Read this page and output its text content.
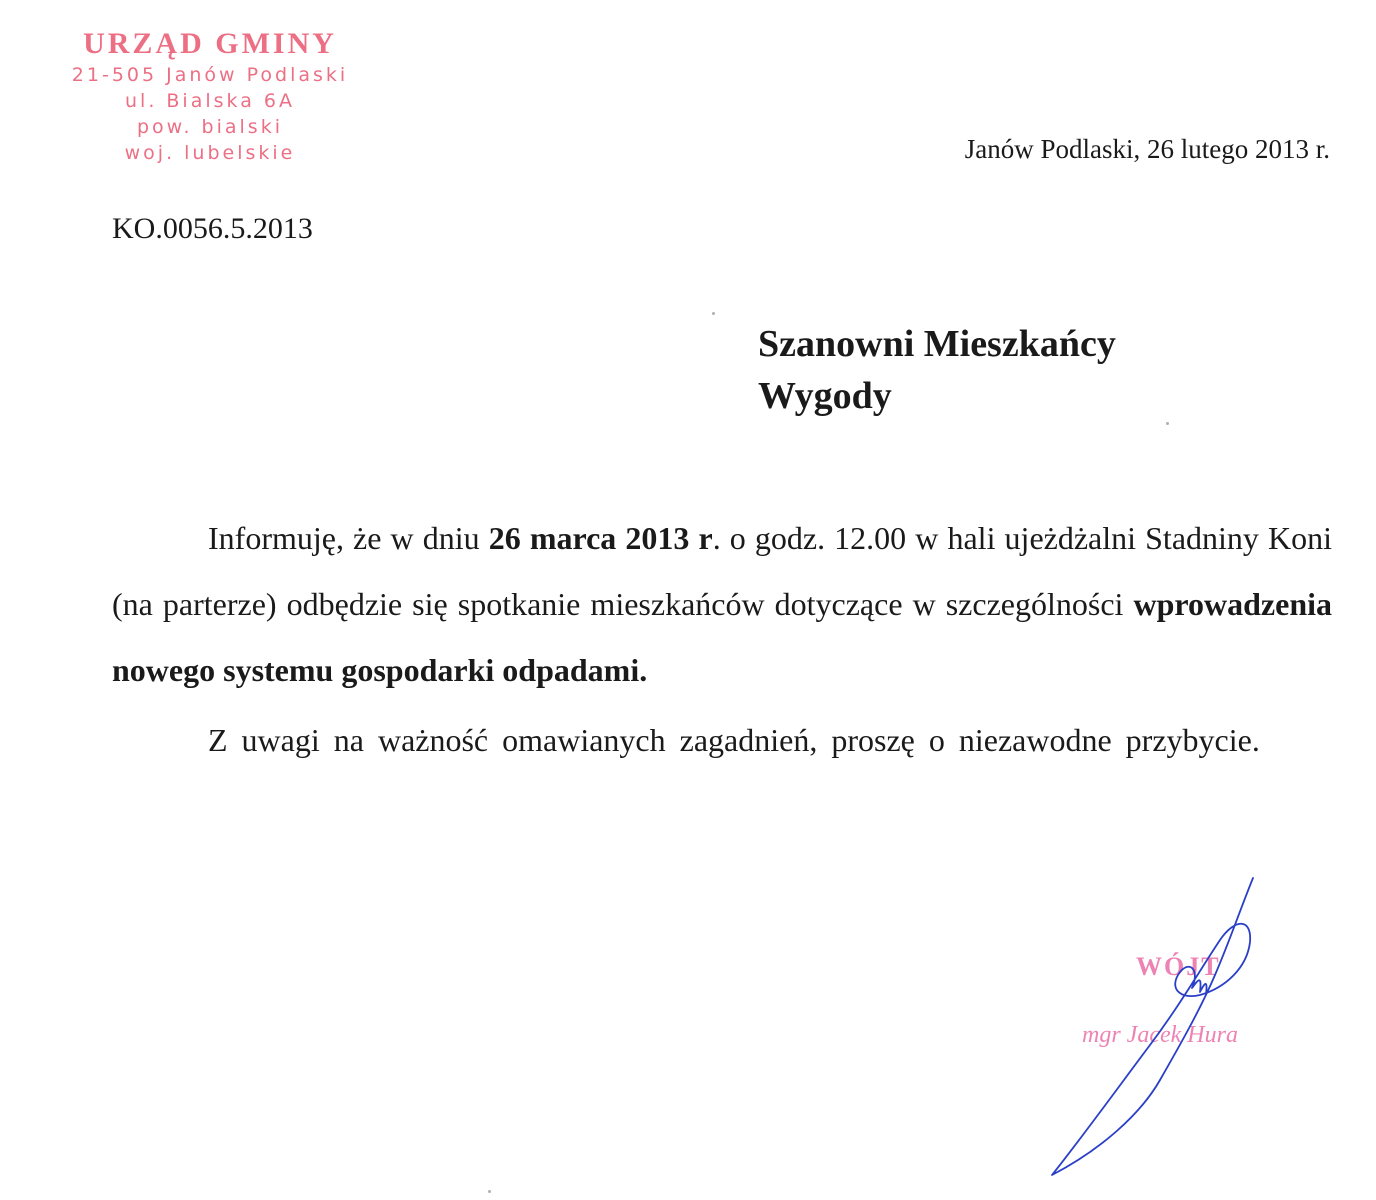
URZĄD GMINY
21-505 Janów Podlaski
ul. Bialska 6A
pow. bialski
woj. lubelskie	Janów Podlaski, 26 lutego 2013 r.
KO.0056.5.2013
Szanowni Mieszkańcy
Wygody

Informuję, że w dniu 26 marca 2013 r. o godz. 12.00 w hali ujeżdżalni Stadniny Koni (na parterze) odbędzie się spotkanie mieszkańców dotyczące w szczególności wprowadzenia nowego systemu gospodarki odpadami.

Z uwagi na ważność omawianych zagadnień, proszę o niezawodne przybycie.

WÓJT
mgr Jacek Hura
